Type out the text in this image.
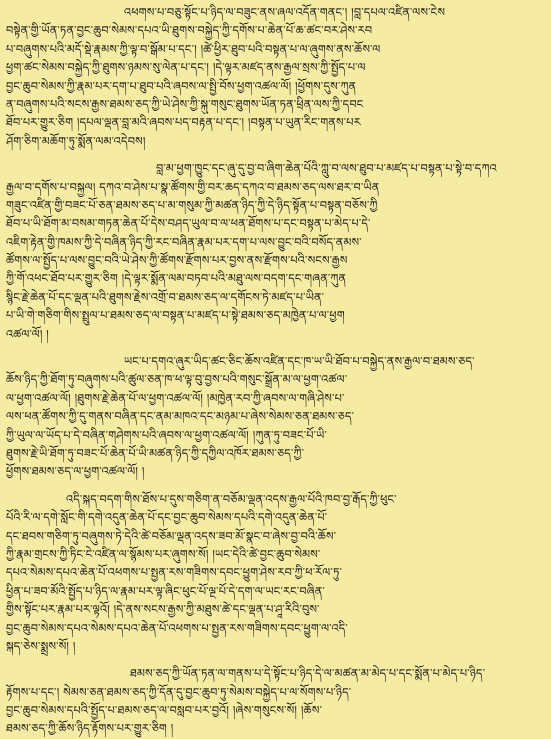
འཕགས་པ་བཅུ་སྟོང་པ་ཉིད་ལ་བཟུང་ནས་ཞལ་འདོན་གནང་། །བླ་དཔལ་འཛིན་ལས་ངེས
བསྟེན་གྱི་ཡོན་ཏན་བྱང་ཆུབ་སེམས་དཔའ་ཡི་ཐུགས་བསྐྱེད་ཀྱི་དགོས་པ་ཆེན་པོ་ཆ་ཚང་བར་ཤེས་རབ
པ་བཞུགས་པའི་མདོ་སྡེ་རྣམས་ཀྱི་ལྟ་བ་སྒོམ་པ་དང་། །ཚེ་ཕྱིར་ཐུབ་པའི་བསྟན་པ་ལ་ཞུགས་ནས་ཆོས་ལ
ཕྱག་ཚང་སེམས་བསྐྱེད་ཀྱི་ཐུགས་ཉམས་སུ་ལེན་པ་དང་། །དེ་ལྟར་མཛད་ནས་རྒྱལ་སྲས་ཀྱི་སྤྱོད་པ་ལ
བྱང་ཆུབ་སེམས་ཀྱི་རྣམ་པར་དག་པ་ཐུབ་པའི་ཞབས་ལ་སྤྱི་བོས་ཕྱག་འཚལ་ལོ། །ཕྱོགས་དུས་ཀུན
ན་བཞུགས་པའི་སངས་རྒྱས་ཐམས་ཅད་ཀྱི་ཡེ་ཤེས་ཀྱི་སྐུ་གསུང་ཐུགས་ཡོན་ཏན་ཕྲིན་ལས་ཀྱི་དབང
ཐོབ་པར་གྱུར་ཅིག །དཔལ་ལྡན་བླ་མའི་ཞབས་པད་བརྟན་པ་དང་། །བསྟན་པ་ཡུན་རིང་གནས་པར
ཤོག་ཅིག་མཆོག་ཏུ་སྨོན་ལམ་འདེབས།
བླ་མ་ཕྱག་ཁྱུང་དང་ཞུ་དུ་བྱ་བ་ཞིག་ཆེན་པོའི་ཀླུ་བ་ལས་ཐུབ་པ་མཛད་པ་བསྟན་པ་སྟེ་བ་དཀའ
རྒྱལ་བ་དགོས་པ་བསྐྱལ། དཀའ་བ་ཤེས་པ་སྣ་ཚོགས་གྱི་བར་ཆད་དཀའ་བ་ཐམས་ཅད་ལས་ཐར་བ་ཡིན
གཟུང་འཛིན་གྱི་བཟང་པོ་ཅན་ཐམས་ཅད་པ་མ་གསུམ་ཀྱི་མཚན་ཉིད་ཀྱི་དེ་ཉིད་སྟོན་པ་བསྟན་བཅོས་ཀྱི
ཐོབ་པ་ཡི་ཐོག་མ་བསམ་གཏན་ཆེན་པོ་དེས་བཤད་ཡུལ་བ་ལ་ཕན་ཐོགས་པ་དང་བསྟན་པ་མེད་པ་དེ་
འཇིག་རྟེན་གྱི་ཁམས་ཀྱི་དེ་བཞིན་ཉིད་ཀྱི་རང་བཞིན་རྣམ་པར་དག་པ་ལས་བྱུང་བའི་བསོད་ནམས་
ཚོགས་ལ་སྤྱོད་པ་ལས་བྱུང་བའི་ཡེ་ཤེས་ཀྱི་ཚོགས་རྫོགས་པར་བྱས་ནས་རྫོགས་པའི་སངས་རྒྱས
ཀྱི་གོ་འཕང་ཐོབ་པར་གྱུར་ཅིག །དེ་ལྟར་སྨོན་ལམ་བཏབ་པའི་མཐུ་ལས་བདག་དང་གཞན་ཀུན
སྙིང་རྗེ་ཆེན་པོ་དང་ལྡན་པའི་ཐུགས་རྗེས་འགྲོ་བ་ཐམས་ཅད་ལ་དགོངས་ཏེ་མཛད་པ་ཡིན་
པ་ཡི་གེ་གཅིག་གིས་སྤྲུལ་པ་ཐམས་ཅད་ལ་བསྟན་པ་མཛད་པ་སྟེ་ཐམས་ཅད་མཁྱེན་པ་ལ་ཕྱག
འཚལ་ལོ། །
ཡང་པ་དགའ་ཞུར་ཡིད་ཚང་ཅིང་ཆོས་འཛིན་དང་ཁ་ཡ་ཡི་ཐོབ་པ་བསྐྱེད་ནས་རྒྱལ་བ་ཐམས་ཅད་
ཆོས་ཉིད་ཀྱི་ཐོག་ཏུ་བཞུགས་པའི་ཚུལ་ཅན་ཁ་ཕ་ལྟ་བུ་བྱས་པའི་གསུང་སྒྲོན་མ་ལ་ཕྱག་འཚལ་
ལ་ཕྱག་འཚལ་ལོ། །ཐུགས་རྗེ་ཆེན་པོ་ལ་ཕྱག་འཚལ་ལོ། །མཁྱེན་རབ་ཀྱི་ཞབས་ལ་གཞི་ཤེས་པ་
ལས་ཕན་ཚོགས་ཀྱི་དུ་གནས་བཞིན་དང་ནམ་མཁའ་དང་མཉམ་པ་ཞེས་སེམས་ཅན་ཐམས་ཅད་
ཀྱི་ཡུལ་ལ་ཡོད་པ་དེ་བཞིན་གཤེགས་པའི་ཞབས་ལ་ཕྱག་འཚལ་ལོ། །ཀུན་ཏུ་བཟང་པོ་ཡི་
ཐུགས་རྗེ་ཡི་ཐོག་ཏུ་བཟང་པོ་ཆེན་པོ་ཡི་མཚན་ཉིད་ཀྱི་དཀྱིལ་འཁོར་ཐམས་ཅད་ཀྱི་
ཕྱོགས་ཐམས་ཅད་ལ་ཕྱག་འཚལ་ལོ། །
འདི་སྐད་བདག་གིས་ཐོས་པ་དུས་གཅིག་ན་བཅོམ་ལྡན་འདས་རྒྱལ་པོའི་ཁབ་བྱ་རྒོད་ཀྱི་ཕུང་
པོའི་རི་ལ་དགེ་སློང་གི་དགེ་འདུན་ཆེན་པོ་དང་བྱང་ཆུབ་སེམས་དཔའི་དགེ་འདུན་ཆེན་པོ་
དང་ཐབས་གཅིག་ཏུ་བཞུགས་ཏེ་དེའི་ཚེ་བཅོམ་ལྡན་འདས་ཟབ་མོ་སྣང་བ་ཞེས་བྱ་བའི་ཆོས་
ཀྱི་རྣམ་གྲངས་ཀྱི་ཏིང་ངེ་འཛིན་ལ་སྙོམས་པར་ཞུགས་སོ། །ཡང་དེའི་ཚེ་བྱང་ཆུབ་སེམས་
དཔའ་སེམས་དཔའ་ཆེན་པོ་འཕགས་པ་སྤྱན་རས་གཟིགས་དབང་ཕྱུག་ཤེས་རབ་ཀྱི་ཕ་རོལ་ཏུ་
ཕྱིན་པ་ཟབ་མོའི་སྤྱོད་པ་ཉིད་ལ་རྣམ་པར་ལྟ་ཞིང་ཕུང་པོ་ལྔ་པོ་དེ་དག་ལ་ཡང་རང་བཞིན་
གྱིས་སྟོང་པར་རྣམ་པར་ལྟའོ། །དེ་ནས་སངས་རྒྱས་ཀྱི་མཐུས་ཚེ་དང་ལྡན་པ་ཤཱ་རིའི་བུས་
བྱང་ཆུབ་སེམས་དཔའ་སེམས་དཔའ་ཆེན་པོ་འཕགས་པ་སྤྱན་རས་གཟིགས་དབང་ཕྱུག་ལ་འདི་
སྐད་ཅེས་སྨྲས་སོ། །
ཐམས་ཅད་ཀྱི་ཡོན་ཏན་ལ་གནས་པ་དེ་སྟོང་པ་ཉིད་དེ་ལ་མཚན་མ་མེད་པ་དང་སྨོན་པ་མེད་པ་ཉིད་
རྟོགས་པ་དང་། སེམས་ཅན་ཐམས་ཅད་ཀྱི་དོན་དུ་བྱང་ཆུབ་ཏུ་སེམས་བསྐྱེད་པ་ལ་སོགས་པ་ཉིད་
བྱང་ཆུབ་སེམས་དཔའི་སྤྱོད་པ་ཐམས་ཅད་ལ་བསླབ་པར་བྱའོ། །ཞེས་གསུངས་སོ། །ཆོས་
ཐམས་ཅད་ཀྱི་ཆོས་ཉིད་རྟོགས་པར་གྱུར་ཅིག །
